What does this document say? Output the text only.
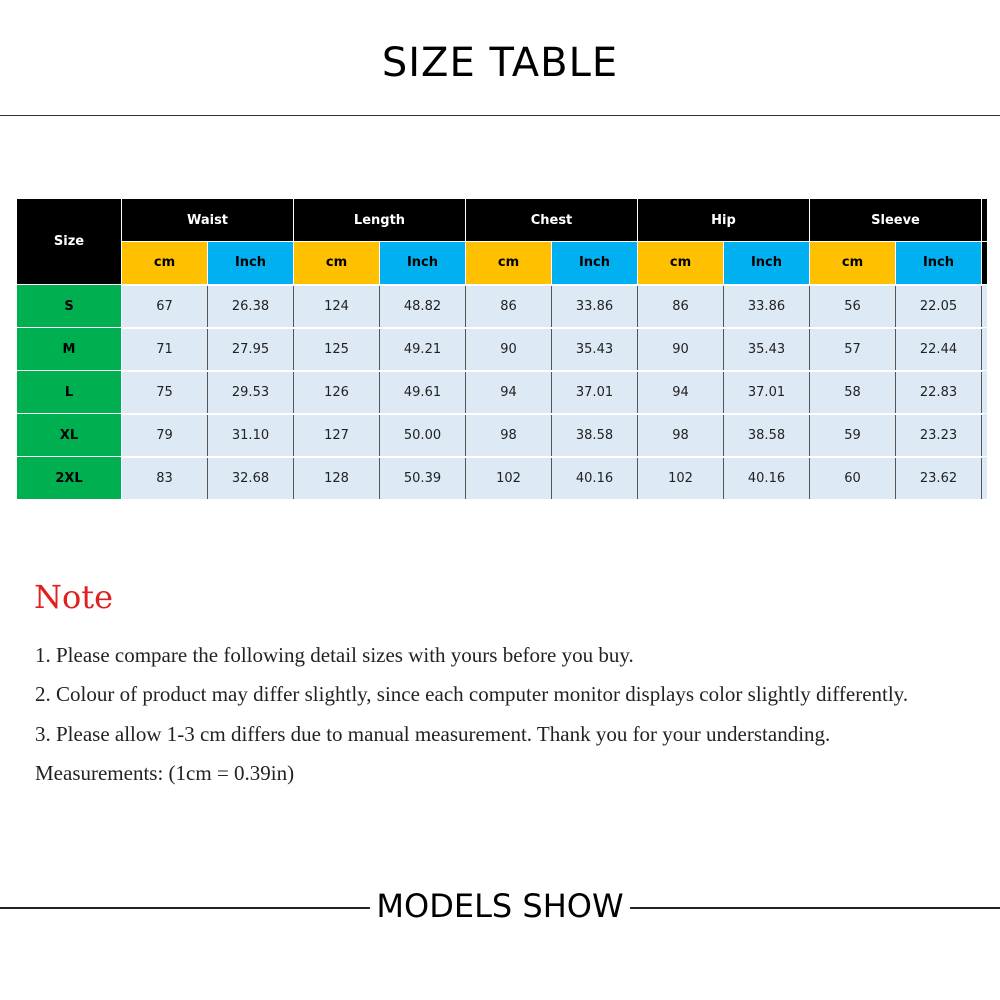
SIZE TABLE
Size	Waist		Length		Chest		Hip		Sleeve		
	cm	Inch	cm	Inch	cm	Inch	cm	Inch	cm	Inch	
S	67	26.38	124	48.82	86	33.86	86	33.86	56	22.05	
M	71	27.95	125	49.21	90	35.43	90	35.43	57	22.44	
L	75	29.53	126	49.61	94	37.01	94	37.01	58	22.83	
XL	79	31.10	127	50.00	98	38.58	98	38.58	59	23.23	
2XL	83	32.68	128	50.39	102	40.16	102	40.16	60	23.62	
Note

1. Please compare the following detail sizes with yours before you buy.

2. Colour of product may differ slightly, since each computer monitor displays color slightly differently.

3. Please allow 1-3 cm differs due to manual measurement. Thank you for your understanding.

Measurements: (1cm = 0.39in)

MODELS SHOW
